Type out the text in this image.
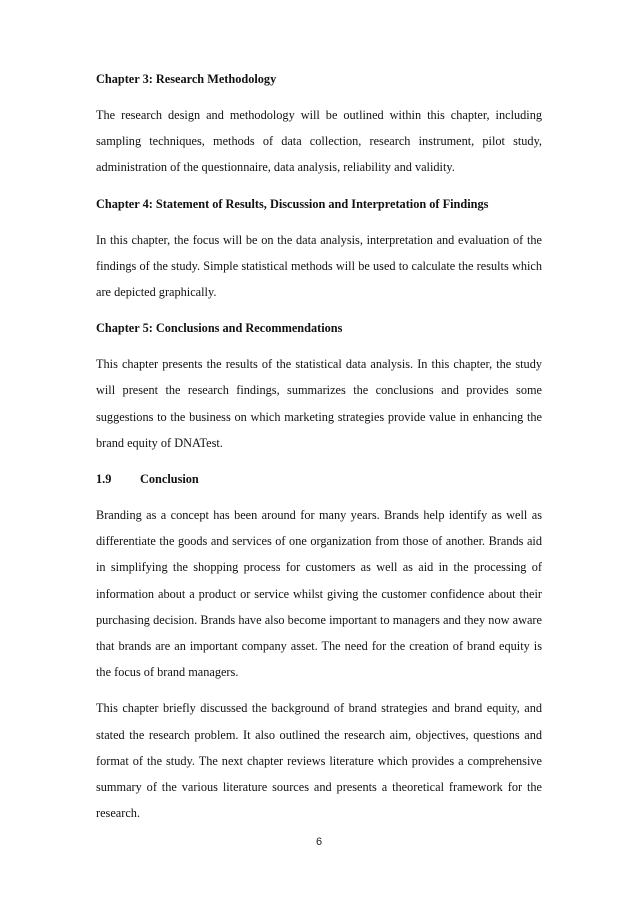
Chapter 3: Research Methodology

The research design and methodology will be outlined within this chapter, including sampling techniques, methods of data collection, research instrument, pilot study, administration of the questionnaire, data analysis, reliability and validity.

Chapter 4: Statement of Results, Discussion and Interpretation of Findings

In this chapter, the focus will be on the data analysis, interpretation and evaluation of the findings of the study. Simple statistical methods will be used to calculate the results which are depicted graphically.

Chapter 5: Conclusions and Recommendations

This chapter presents the results of the statistical data analysis. In this chapter, the study will present the research findings, summarizes the conclusions and provides some suggestions to the business on which marketing strategies provide value in enhancing the brand equity of DNATest.

1.9	Conclusion

Branding as a concept has been around for many years. Brands help identify as well as differentiate the goods and services of one organization from those of another. Brands aid in simplifying the shopping process for customers as well as aid in the processing of information about a product or service whilst giving the customer confidence about their purchasing decision. Brands have also become important to managers and they now aware that brands are an important company asset. The need for the creation of brand equity is the focus of brand managers.

This chapter briefly discussed the background of brand strategies and brand equity, and stated the research problem. It also outlined the research aim, objectives, questions and format of the study. The next chapter reviews literature which provides a comprehensive summary of the various literature sources and presents a theoretical framework for the research.

6
